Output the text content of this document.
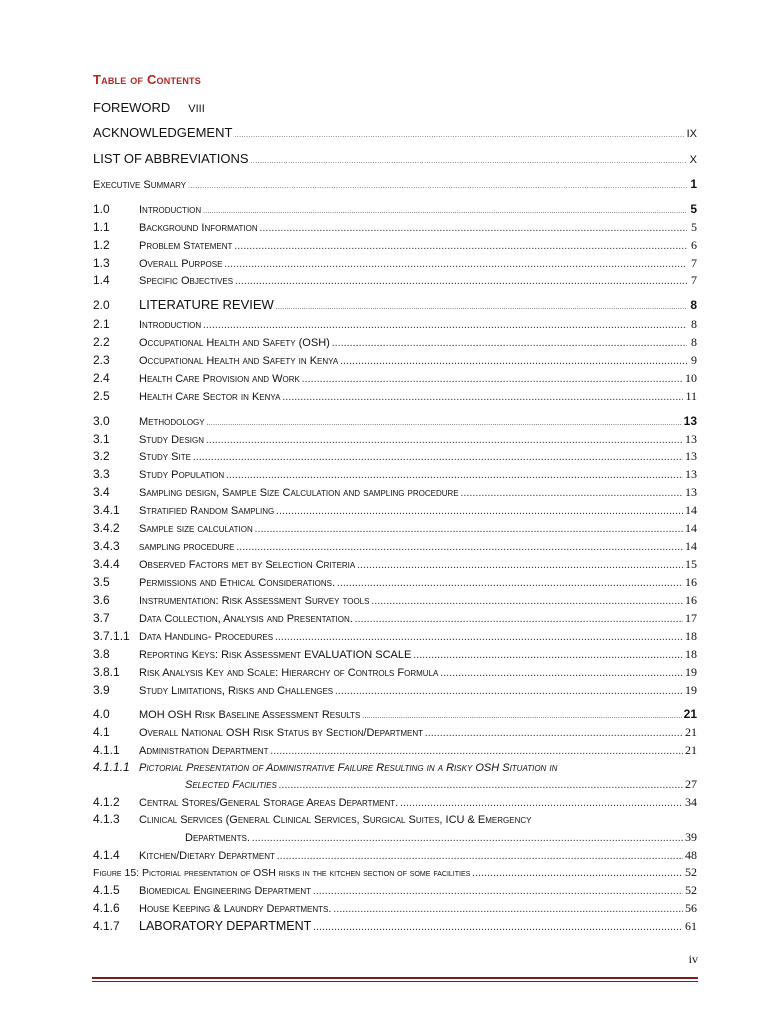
Table of Contents
FOREWORD VIII
ACKNOWLEDGEMENT .....	IX
LIST OF ABBREVIATIONS .....	X
Executive Summary .....	1
1.0	Introduction .....	5
1.1	Background Information .....	5
1.2	Problem Statement .....	6
1.3	Overall Purpose .....	7
1.4	Specific Objectives .....	7
2.0	LITERATURE REVIEW .....	8
2.1	Introduction .....	8
2.2	Occupational Health and Safety (OSH) .....	8
2.3	Occupational Health and Safety in Kenya .....	9
2.4	Health Care Provision and Work .....	10
2.5	Health Care Sector in Kenya .....	11
3.0	Methodology .....	13
3.1	Study Design .....	13
3.2	Study Site .....	13
3.3	Study Population .....	13
3.4	Sampling design, Sample Size Calculation and sampling procedure .....	13
3.4.1	Stratified Random Sampling .....	14
3.4.2	Sample size calculation .....	14
3.4.3	sampling procedure .....	14
3.4.4	Observed Factors met by Selection Criteria .....	15
3.5	Permissions and Ethical Considerations. .....	16
3.6	Instrumentation: Risk Assessment Survey tools .....	16
3.7	Data Collection, Analysis and Presentation. .....	17
3.7.1.1 Data Handling- Procedures .....	18
3.8	Reporting Keys: Risk Assessment EVALUATION SCALE .....	18
3.8.1	Risk Analysis Key and Scale: Hierarchy of Controls Formula .....	19
3.9	Study Limitations, Risks and Challenges .....	19
4.0	MOH OSH Risk Baseline Assessment Results .....	21
4.1	Overall National OSH Risk Status by Section/Department .....	21
4.1.1	Administration Department .....	21
4.1.1.1 Pictorial Presentation of Administrative Failure Resulting in a Risky OSH Situation in
Selected Facilities .....	27
4.1.2	Central Stores/General Storage Areas Department. .....	34
4.1.3	Clinical Services (General Clinical Services, Surgical Suites, ICU & Emergency
Departments. .....	39
4.1.4	Kitchen/Dietary Department .....	48
Figure 15: Pictorial presentation of OSH risks in the kitchen section of some facilities .....	52
4.1.5	Biomedical Engineering Department .....	52
4.1.6	House Keeping & Laundry Departments. .....	56
4.1.7	LABORATORY DEPARTMENT .....	61
iv
